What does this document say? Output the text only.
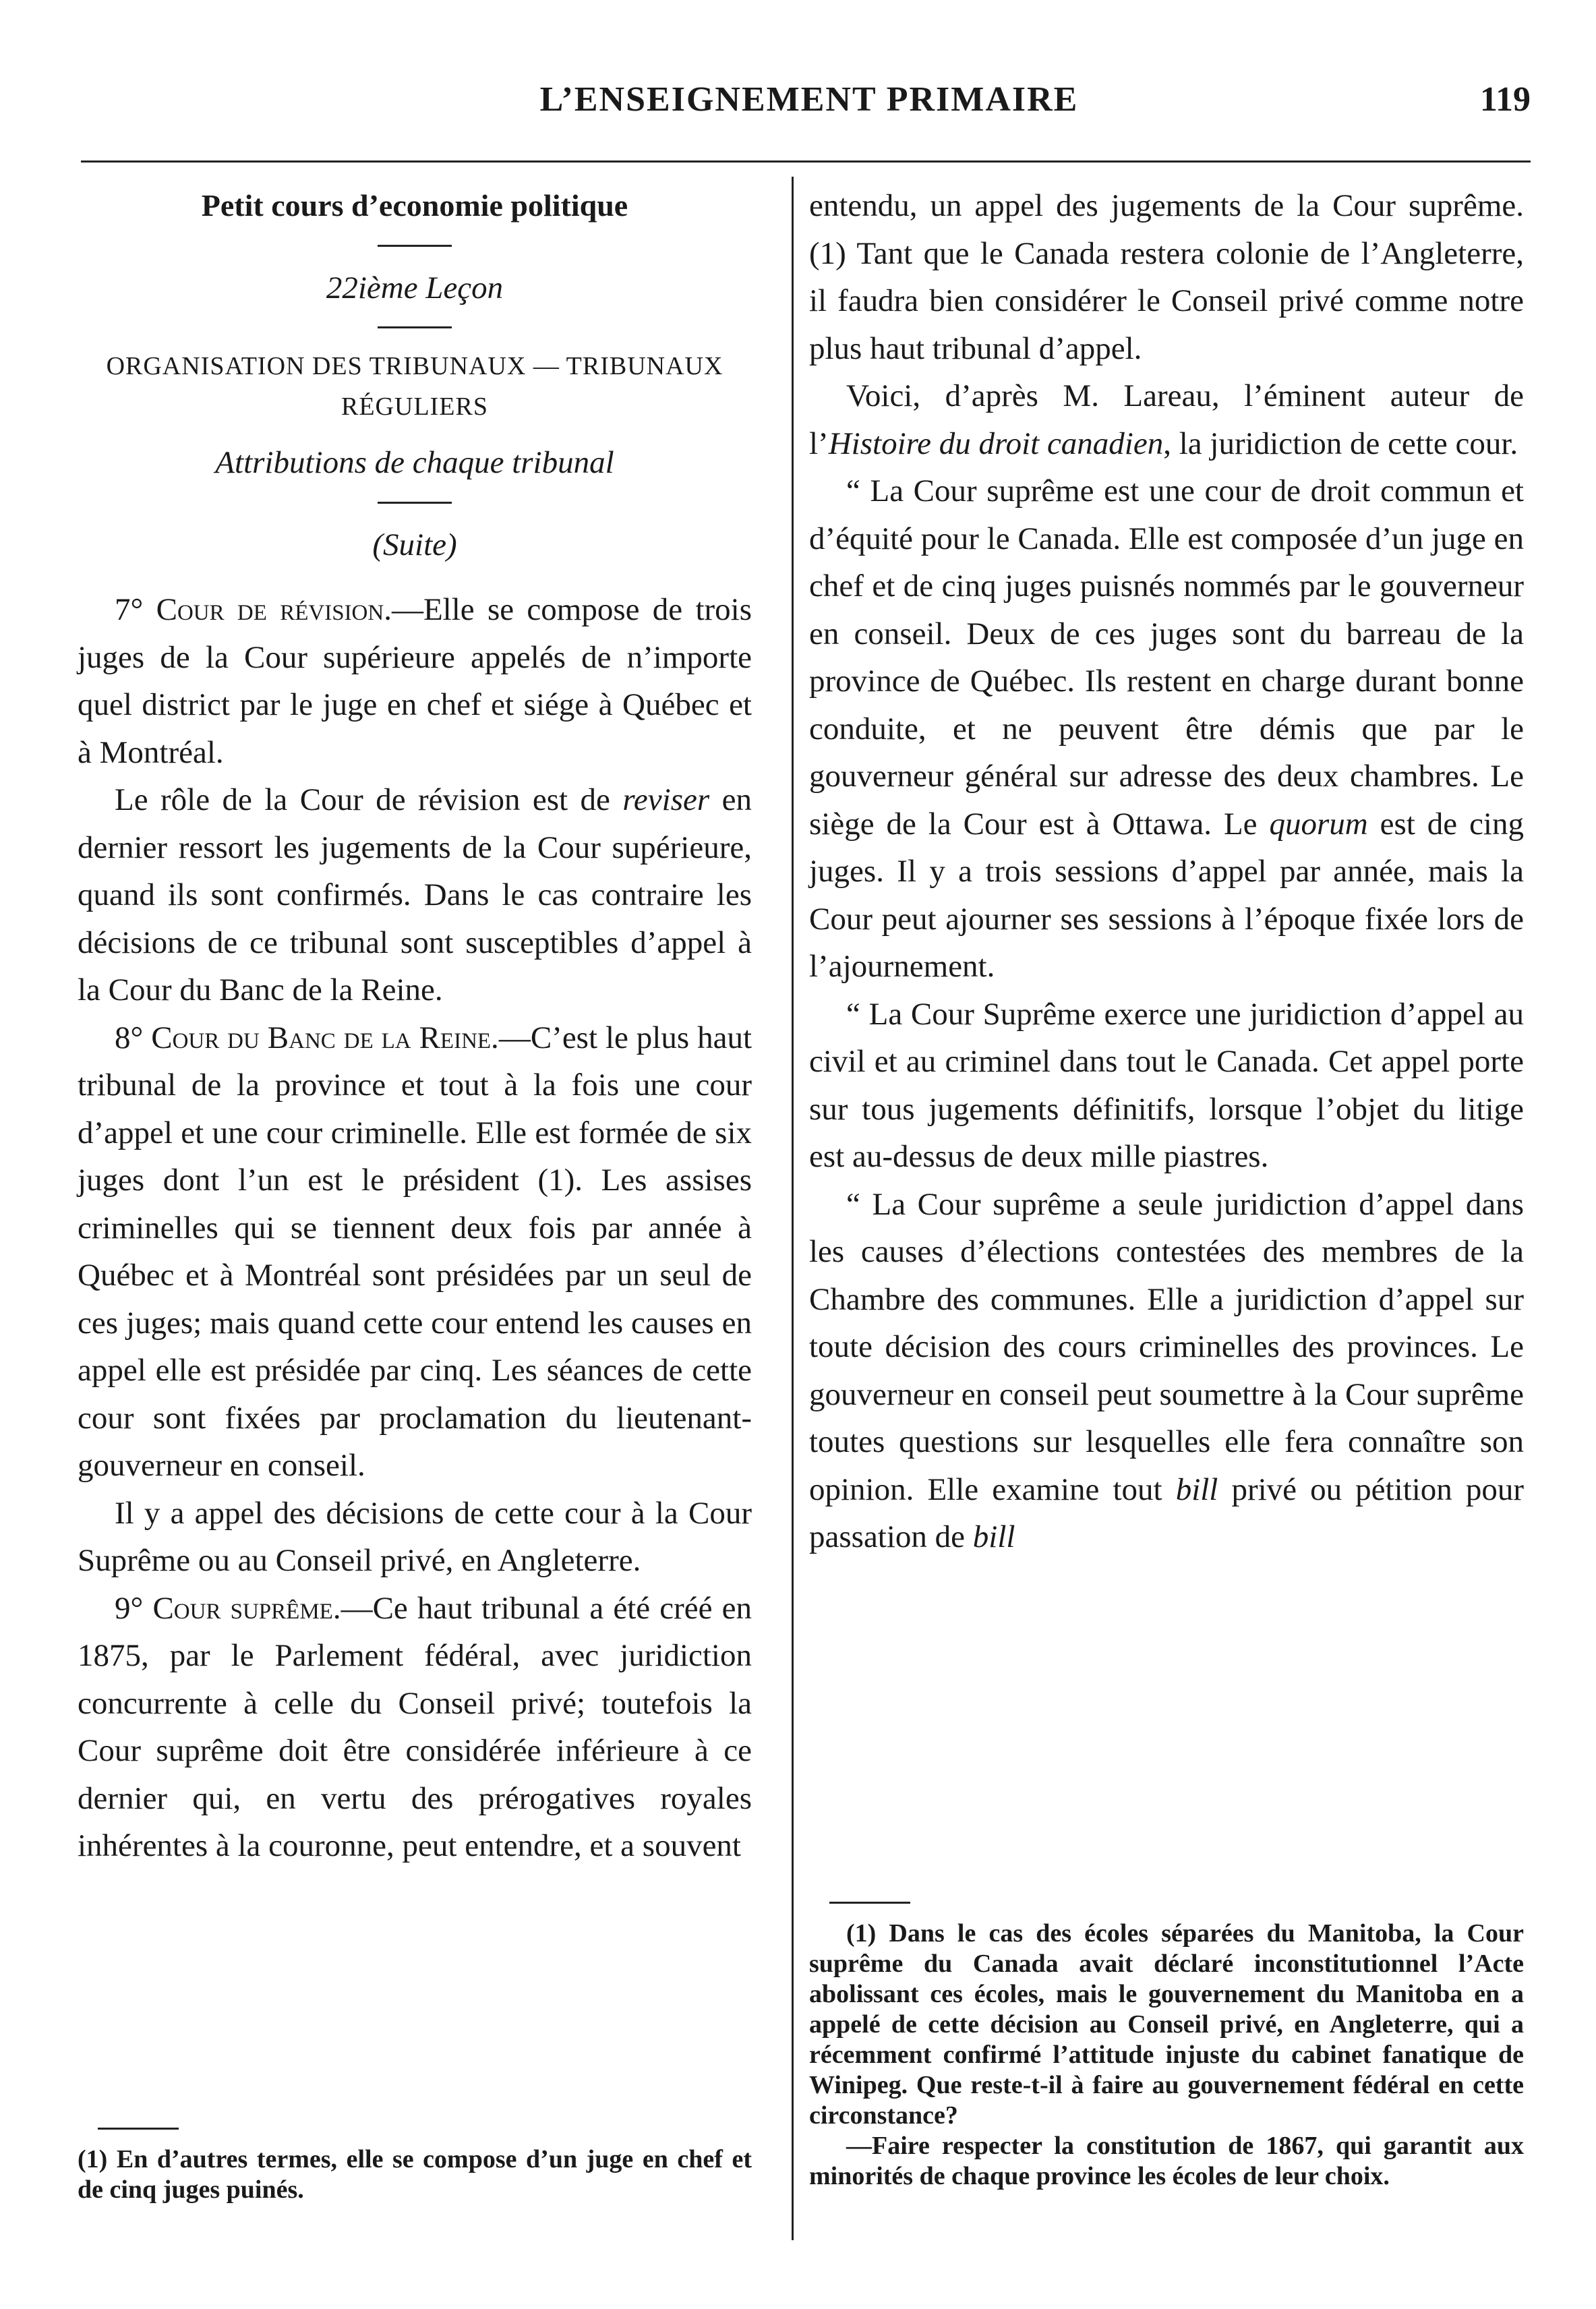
L’ENSEIGNEMENT PRIMAIRE	119

Petit cours d’economie politique

22ième Leçon

ORGANISATION DES TRIBUNAUX — TRIBUNAUX RÉGULIERS

Attributions de chaque tribunal

(Suite)

7° Cour de révision.—Elle se compose de trois juges de la Cour supérieure appelés de n’importe quel district par le juge en chef et siége à Québec et à Montréal.

Le rôle de la Cour de révision est de reviser en dernier ressort les jugements de la Cour supérieure, quand ils sont confirmés. Dans le cas contraire les décisions de ce tribunal sont susceptibles d’appel à la Cour du Banc de la Reine.

8° Cour du Banc de la Reine.—C’est le plus haut tribunal de la province et tout à la fois une cour d’appel et une cour criminelle. Elle est formée de six juges dont l’un est le président (1). Les assises criminelles qui se tiennent deux fois par année à Québec et à Montréal sont présidées par un seul de ces juges; mais quand cette cour entend les causes en appel elle est présidée par cinq. Les séances de cette cour sont fixées par proclamation du lieutenant-gouverneur en conseil.

Il y a appel des décisions de cette cour à la Cour Suprême ou au Conseil privé, en Angleterre.

9° Cour suprême.—Ce haut tribunal a été créé en 1875, par le Parlement fédéral, avec juridiction concurrente à celle du Conseil privé; toutefois la Cour suprême doit être considérée inférieure à ce dernier qui, en vertu des prérogatives royales inhérentes à la couronne, peut entendre, et a souvent

(1) En d’autres termes, elle se compose d’un juge en chef et de cinq juges puinés.

entendu, un appel des jugements de la Cour suprême. (1) Tant que le Canada restera colonie de l’Angleterre, il faudra bien considérer le Conseil privé comme notre plus haut tribunal d’appel.

Voici, d’après M. Lareau, l’éminent auteur de l’Histoire du droit canadien, la juridiction de cette cour.

“ La Cour suprême est une cour de droit commun et d’équité pour le Canada. Elle est composée d’un juge en chef et de cinq juges puisnés nommés par le gouverneur en conseil. Deux de ces juges sont du barreau de la province de Québec. Ils restent en charge durant bonne conduite, et ne peuvent être démis que par le gouverneur général sur adresse des deux chambres. Le siège de la Cour est à Ottawa. Le quorum est de cing juges. Il y a trois sessions d’appel par année, mais la Cour peut ajourner ses sessions à l’époque fixée lors de l’ajournement.

“ La Cour Suprême exerce une juridiction d’appel au civil et au criminel dans tout le Canada. Cet appel porte sur tous jugements définitifs, lorsque l’objet du litige est au-dessus de deux mille piastres.

“ La Cour suprême a seule juridiction d’appel dans les causes d’élections contestées des membres de la Chambre des communes. Elle a juridiction d’appel sur toute décision des cours criminelles des provinces. Le gouverneur en conseil peut soumettre à la Cour suprême toutes questions sur lesquelles elle fera connaître son opinion. Elle examine tout bill privé ou pétition pour passation de bill

(1) Dans le cas des écoles séparées du Manitoba, la Cour suprême du Canada avait déclaré inconstitutionnel l’Acte abolissant ces écoles, mais le gouvernement du Manitoba en a appelé de cette décision au Conseil privé, en Angleterre, qui a récemment confirmé l’attitude injuste du cabinet fanatique de Winipeg. Que reste-t-il à faire au gouvernement fédéral en cette circonstance?

—Faire respecter la constitution de 1867, qui garantit aux minorités de chaque province les écoles de leur choix.
